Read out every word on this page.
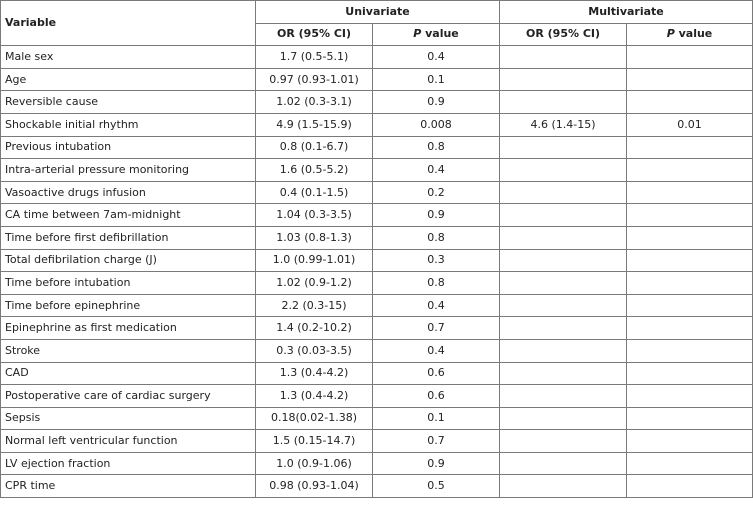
Variable	Univariate		Multivariate	
	OR (95% CI)	P value	OR (95% CI)	P value
Male sex	1.7 (0.5-5.1)	0.4		
Age	0.97 (0.93-1.01)	0.1		
Reversible cause	1.02 (0.3-3.1)	0.9		
Shockable initial rhythm	4.9 (1.5-15.9)	0.008	4.6 (1.4-15)	0.01
Previous intubation	0.8 (0.1-6.7)	0.8		
Intra-arterial pressure monitoring	1.6 (0.5-5.2)	0.4		
Vasoactive drugs infusion	0.4 (0.1-1.5)	0.2		
CA time between 7am-midnight	1.04 (0.3-3.5)	0.9		
Time before first defibrillation	1.03 (0.8-1.3)	0.8		
Total defibrilation charge (J)	1.0 (0.99-1.01)	0.3		
Time before intubation	1.02 (0.9-1.2)	0.8		
Time before epinephrine	2.2 (0.3-15)	0.4		
Epinephrine as first medication	1.4 (0.2-10.2)	0.7		
Stroke	0.3 (0.03-3.5)	0.4		
CAD	1.3 (0.4-4.2)	0.6		
Postoperative care of cardiac surgery	1.3 (0.4-4.2)	0.6		
Sepsis	0.18(0.02-1.38)	0.1		
Normal left ventricular function	1.5 (0.15-14.7)	0.7		
LV ejection fraction	1.0 (0.9-1.06)	0.9		
CPR time	0.98 (0.93-1.04)	0.5		
